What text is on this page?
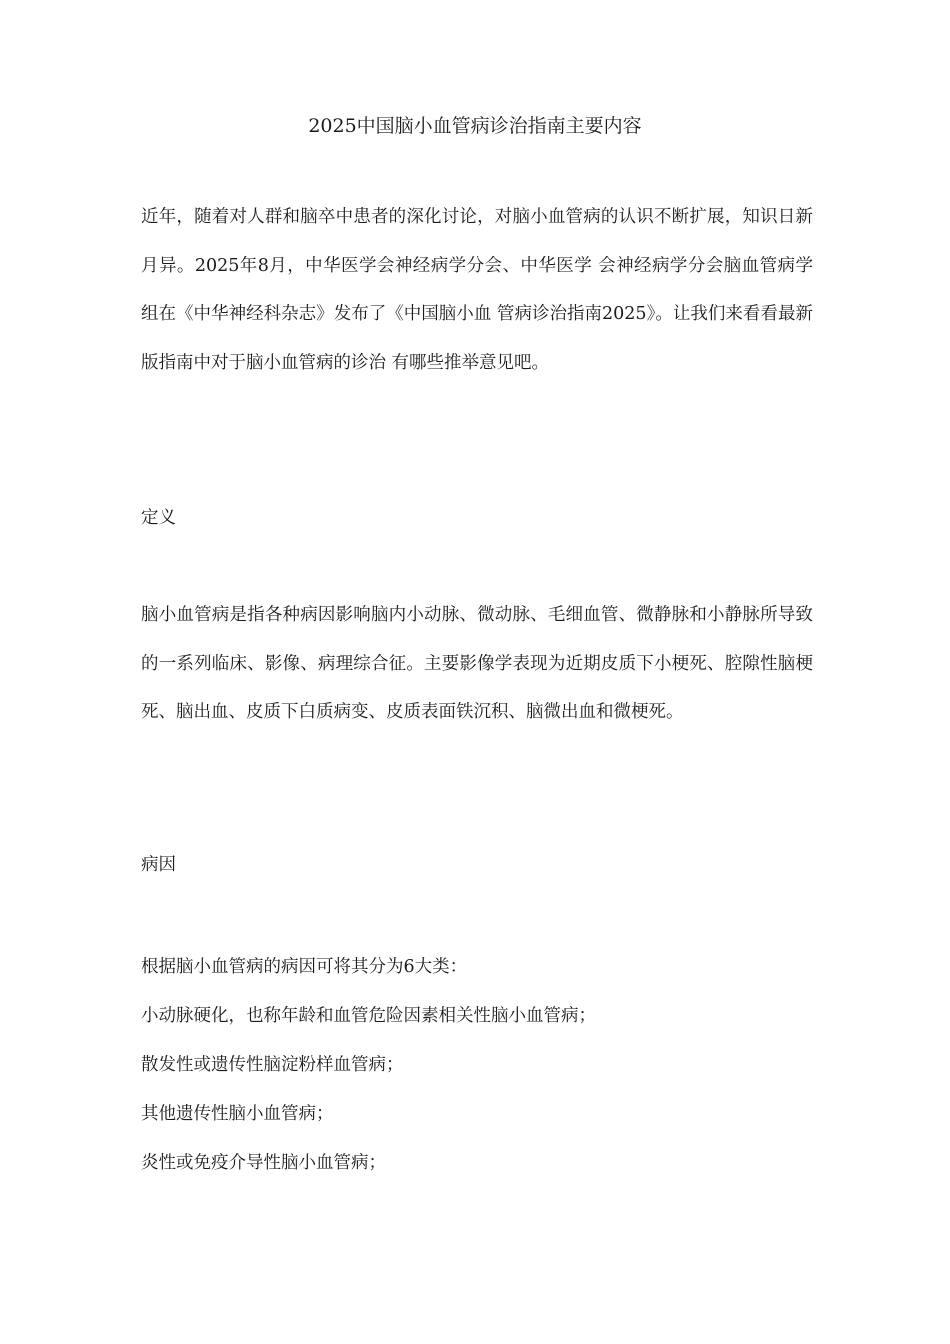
2025中国脑小血管病诊治指南主要内容

近年，随着对人群和脑卒中患者的深化讨论，对脑小血管病的认识不断扩展，知识日新月异。2025年8月，中华医学会神经病学分会、中华医学 会神经病学分会脑血管病学组在《中华神经科杂志》发布了《中国脑小血 管病诊治指南2025》。让我们来看看最新版指南中对于脑小血管病的诊治 有哪些推举意见吧。

定义

脑小血管病是指各种病因影响脑内小动脉、微动脉、毛细血管、微静脉和小静脉所导致的一系列临床、影像、病理综合征。主要影像学表现为近期皮质下小梗死、腔隙性脑梗死、脑出血、皮质下白质病变、皮质表面铁沉积、脑微出血和微梗死。

病因

根据脑小血管病的病因可将其分为6大类：

小动脉硬化，也称年龄和血管危险因素相关性脑小血管病；

散发性或遗传性脑淀粉样血管病；

其他遗传性脑小血管病；

炎性或免疫介导性脑小血管病；
